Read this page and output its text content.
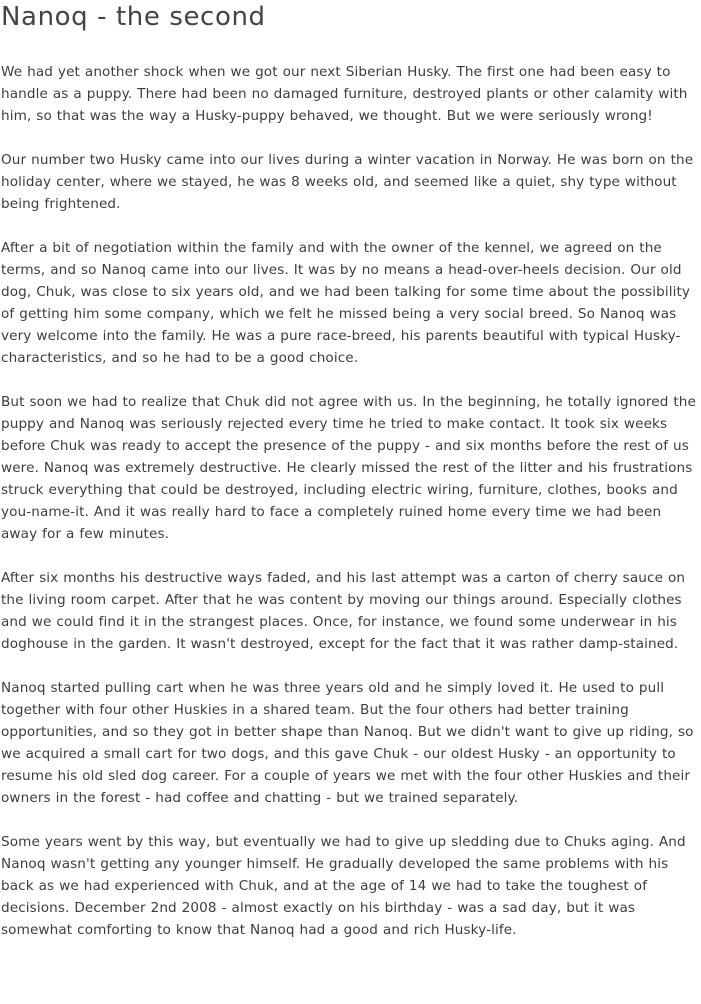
Nanoq - the second

We had yet another shock when we got our next Siberian Husky. The first one had been easy to handle as a puppy. There had been no damaged furniture, destroyed plants or other calamity with him, so that was the way a Husky-puppy behaved, we thought. But we were seriously wrong!

Our number two Husky came into our lives during a winter vacation in Norway. He was born on the holiday center, where we stayed, he was 8 weeks old, and seemed like a quiet, shy type without being frightened.

After a bit of negotiation within the family and with the owner of the kennel, we agreed on the terms, and so Nanoq came into our lives. It was by no means a head-over-heels decision. Our old dog, Chuk, was close to six years old, and we had been talking for some time about the possibility of getting him some company, which we felt he missed being a very social breed. So Nanoq was very welcome into the family. He was a pure race-breed, his parents beautiful with typical Husky-characteristics, and so he had to be a good choice.

But soon we had to realize that Chuk did not agree with us. In the beginning, he totally ignored the puppy and Nanoq was seriously rejected every time he tried to make contact. It took six weeks before Chuk was ready to accept the presence of the puppy - and six months before the rest of us were. Nanoq was extremely destructive. He clearly missed the rest of the litter and his frustrations struck everything that could be destroyed, including electric wiring, furniture, clothes, books and you-name-it. And it was really hard to face a completely ruined home every time we had been away for a few minutes.

After six months his destructive ways faded, and his last attempt was a carton of cherry sauce on the living room carpet. After that he was content by moving our things around. Especially clothes and we could find it in the strangest places. Once, for instance, we found some underwear in his doghouse in the garden. It wasn't destroyed, except for the fact that it was rather damp-stained.

Nanoq started pulling cart when he was three years old and he simply loved it. He used to pull together with four other Huskies in a shared team. But the four others had better training opportunities, and so they got in better shape than Nanoq. But we didn't want to give up riding, so we acquired a small cart for two dogs, and this gave Chuk - our oldest Husky - an opportunity to resume his old sled dog career. For a couple of years we met with the four other Huskies and their owners in the forest - had coffee and chatting - but we trained separately.

Some years went by this way, but eventually we had to give up sledding due to Chuks aging. And Nanoq wasn't getting any younger himself. He gradually developed the same problems with his back as we had experienced with Chuk, and at the age of 14 we had to take the toughest of decisions. December 2nd 2008 - almost exactly on his birthday - was a sad day, but it was somewhat comforting to know that Nanoq had a good and rich Husky-life.
